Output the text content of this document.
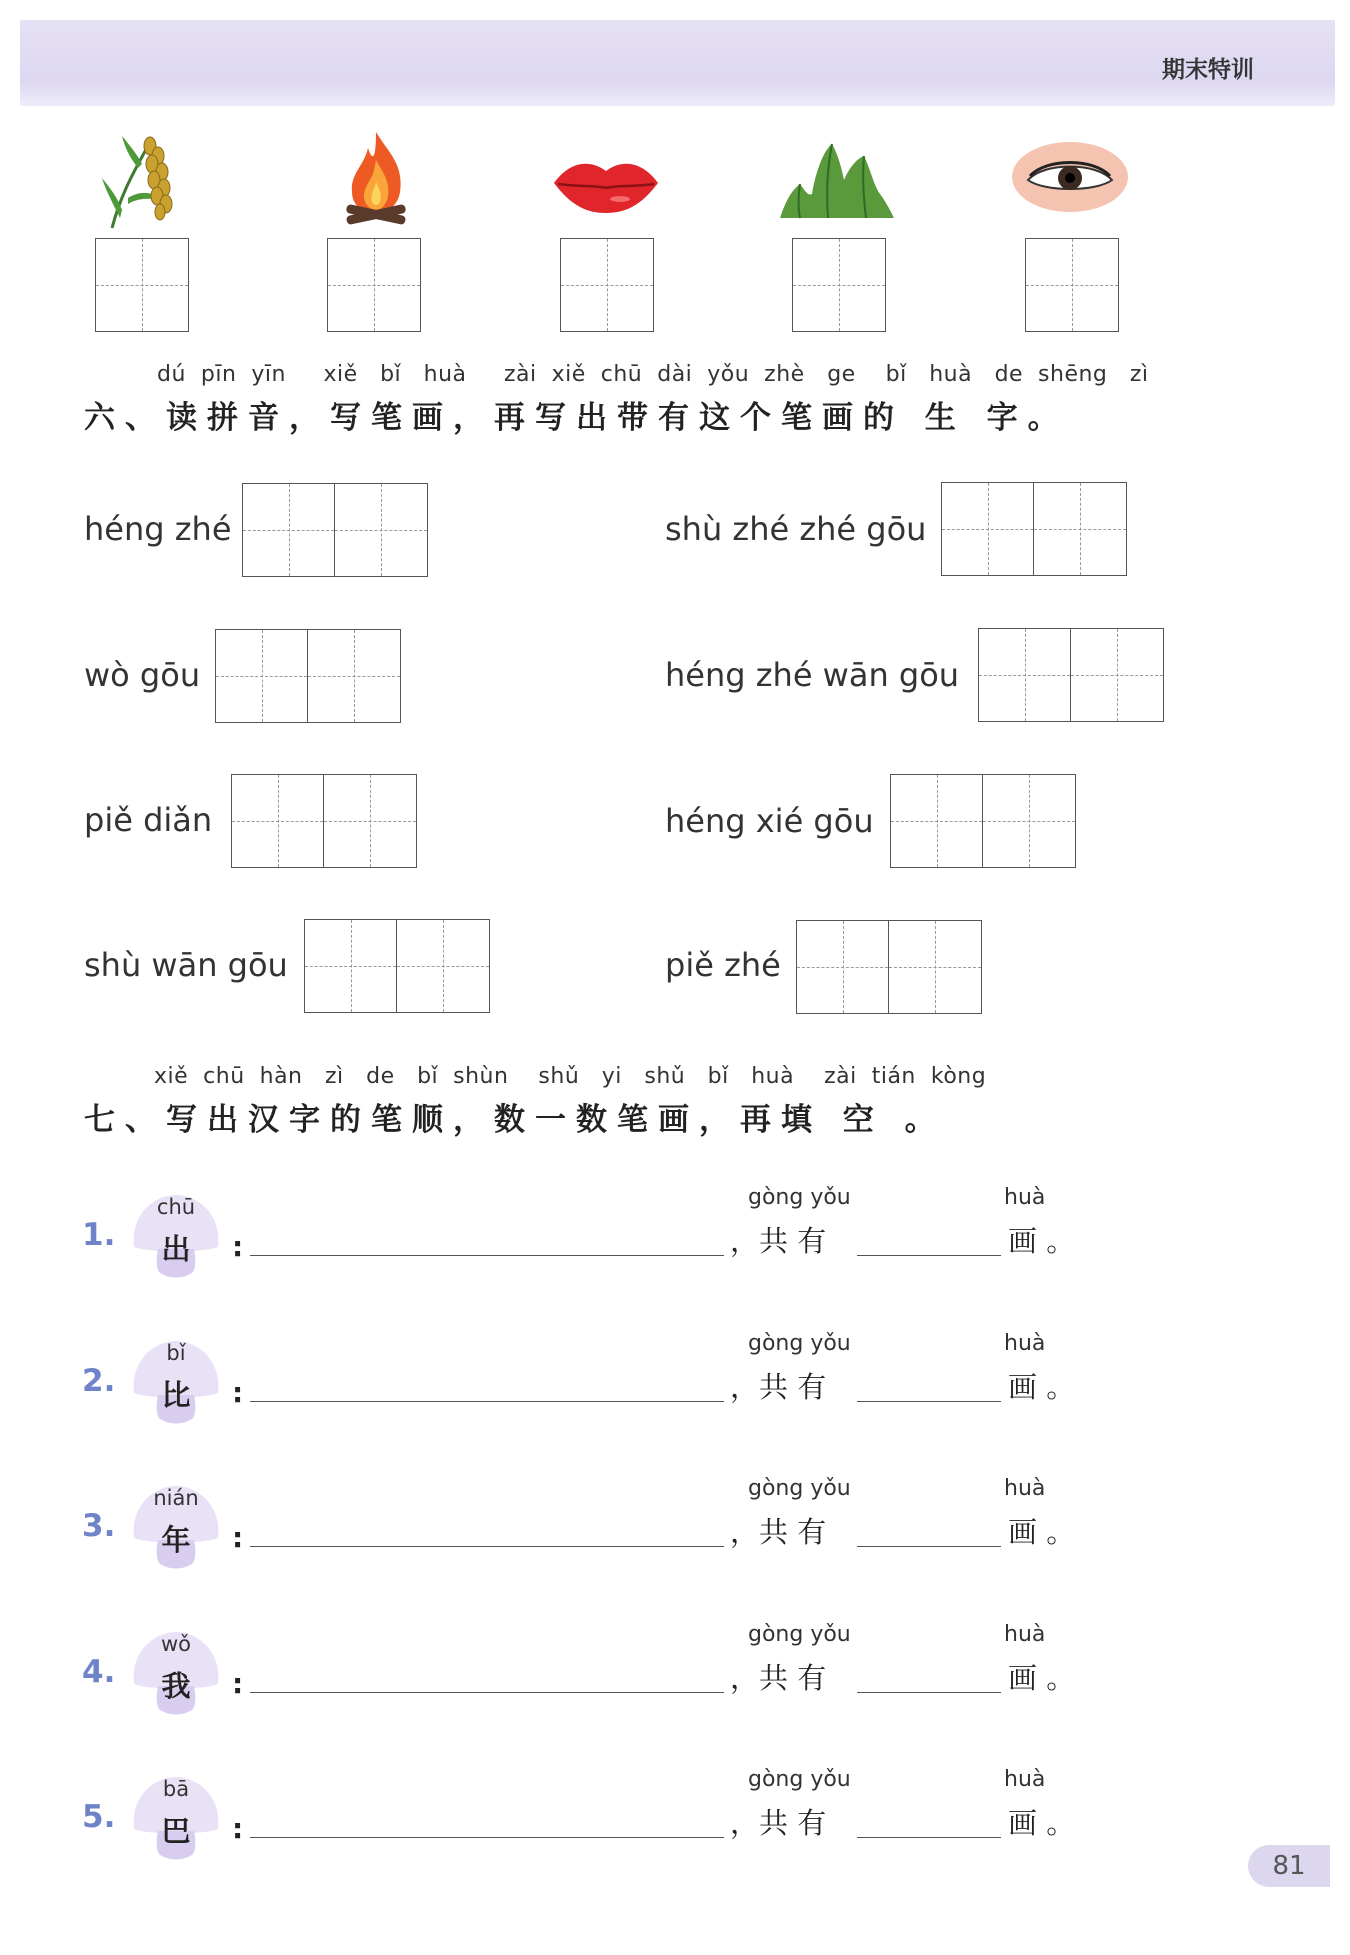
期末特训
dú  pīn  yīn     xiě   bǐ   huà     zài  xiě  chū  dài  yǒu  zhè   ge    bǐ   huà   de  shēng   zì
六、读拼音，写笔画，再写出带有这个笔画的 生 字。
héng zhé	shù zhé zhé gōu
wò gōu	héng zhé wān gōu
piě diǎn	héng xié gōu
shù wān gōu	piě zhé
xiě  chū  hàn   zì   de   bǐ  shùn    shǔ   yi   shǔ   bǐ   huà    zài  tián  kòng
七、写出汉字的笔顺，数一数笔画，再填 空 。
1.
chū
出	:
gòng yǒu
，共 有
huà
画 。
2.
bǐ
比	:
gòng yǒu
，共 有
huà
画 。
3.
nián
年	:
gòng yǒu
，共 有
huà
画 。
4.
wǒ
我	:
gòng yǒu
，共 有
huà
画 。
5.
bā
巴	:
gòng yǒu
，共 有
huà
画 。
81
